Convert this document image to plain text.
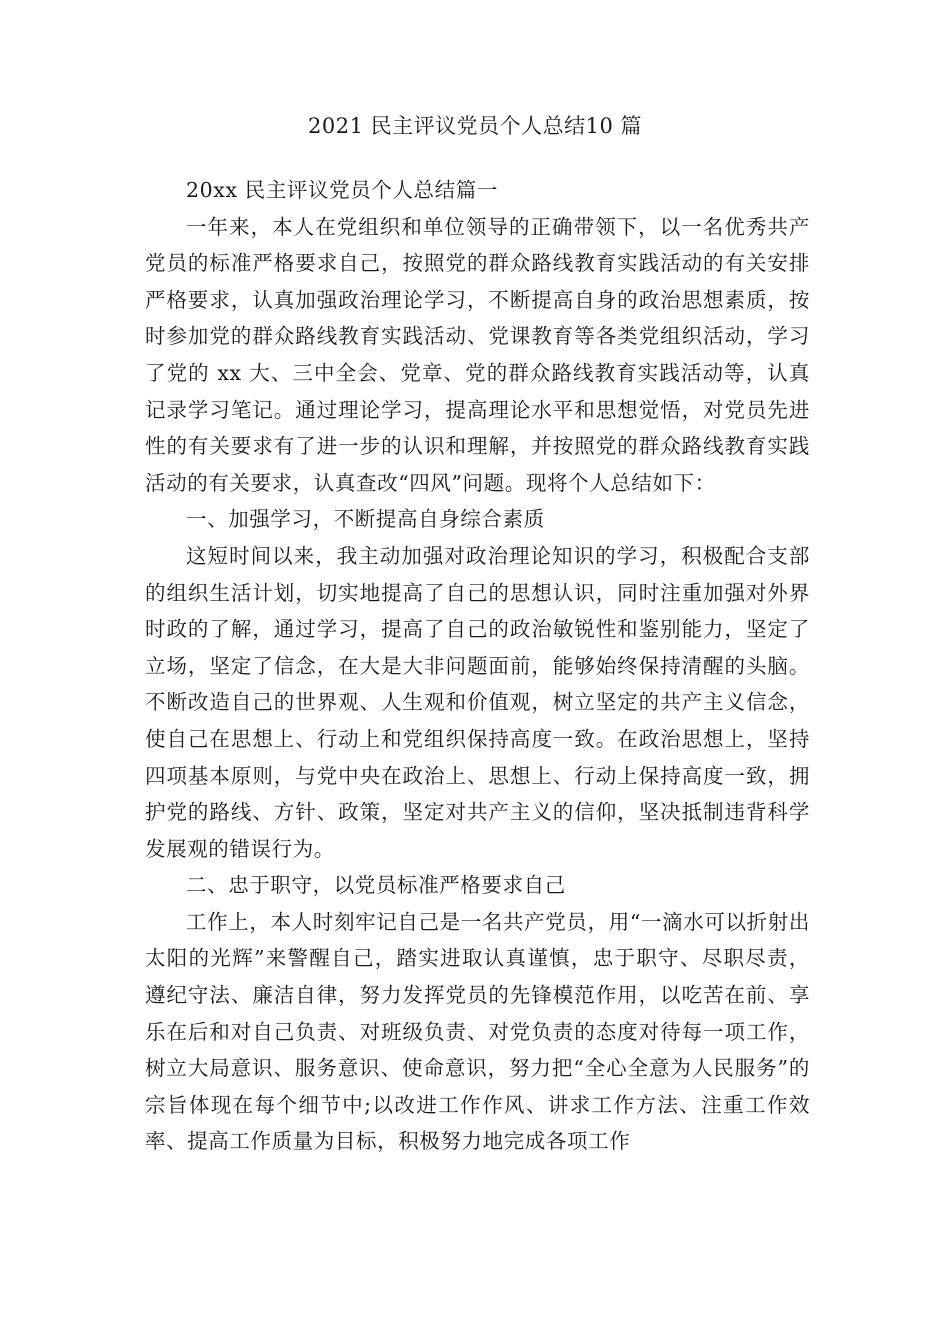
2021 民主评议党员个人总结10 篇

20xx 民主评议党员个人总结篇一

一年来，本人在党组织和单位领导的正确带领下，以一名优秀共产党员的标准严格要求自己，按照党的群众路线教育实践活动的有关安排严格要求，认真加强政治理论学习，不断提高自身的政治思想素质，按时参加党的群众路线教育实践活动、党课教育等各类党组织活动，学习了党的 xx 大、三中全会、党章、党的群众路线教育实践活动等，认真记录学习笔记。通过理论学习，提高理论水平和思想觉悟，对党员先进性的有关要求有了进一步的认识和理解，并按照党的群众路线教育实践活动的有关要求，认真查改“四风”问题。现将个人总结如下：

一、加强学习，不断提高自身综合素质

这短时间以来，我主动加强对政治理论知识的学习，积极配合支部的组织生活计划，切实地提高了自己的思想认识，同时注重加强对外界时政的了解，通过学习，提高了自己的政治敏锐性和鉴别能力，坚定了立场，坚定了信念，在大是大非问题面前，能够始终保持清醒的头脑。不断改造自己的世界观、人生观和价值观，树立坚定的共产主义信念，使自己在思想上、行动上和党组织保持高度一致。在政治思想上，坚持四项基本原则，与党中央在政治上、思想上、行动上保持高度一致，拥护党的路线、方针、政策，坚定对共产主义的信仰，坚决抵制违背科学发展观的错误行为。

二、忠于职守，以党员标准严格要求自己

工作上，本人时刻牢记自己是一名共产党员，用“一滴水可以折射出太阳的光辉”来警醒自己，踏实进取认真谨慎，忠于职守、尽职尽责，遵纪守法、廉洁自律，努力发挥党员的先锋模范作用，以吃苦在前、享乐在后和对自己负责、对班级负责、对党负责的态度对待每一项工作，树立大局意识、服务意识、使命意识，努力把“全心全意为人民服务”的宗旨体现在每个细节中;以改进工作作风、讲求工作方法、注重工作效率、提高工作质量为目标，积极努力地完成各项工作
